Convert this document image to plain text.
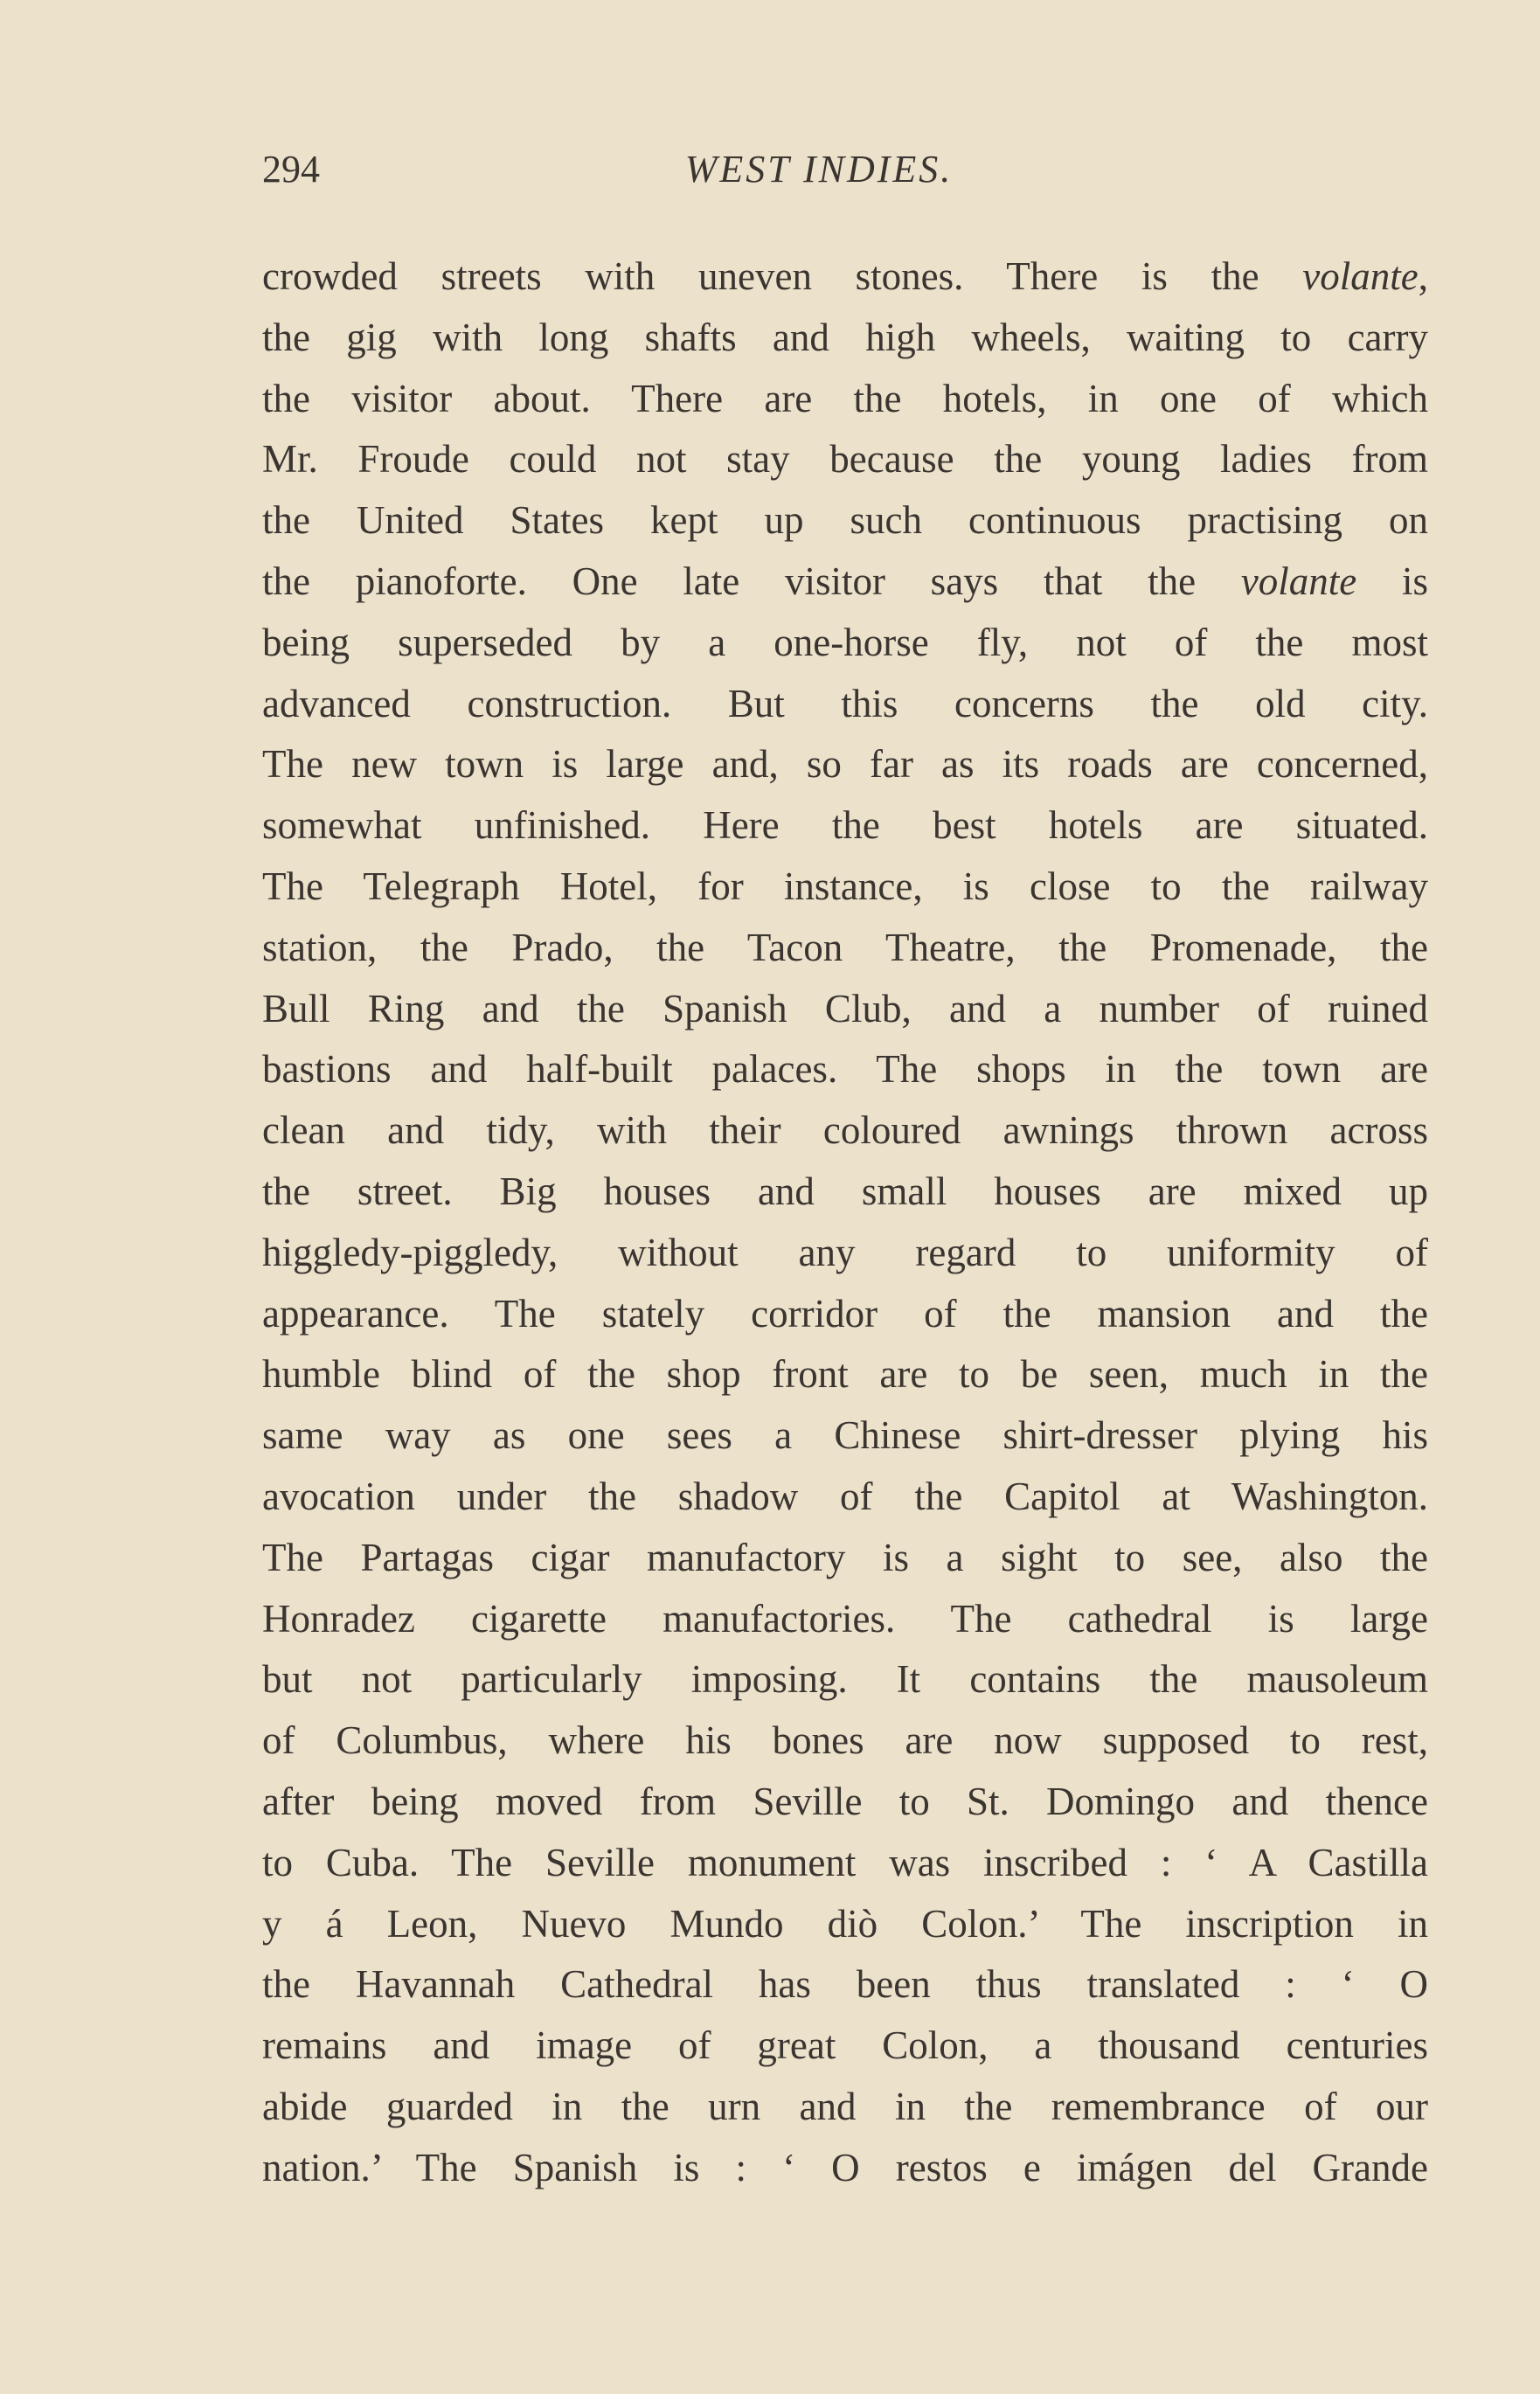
294	WEST INDIES.
crowded streets with uneven stones. There is the volante,
the gig with long shafts and high wheels, waiting to carry
the visitor about. There are the hotels, in one of which
Mr. Froude could not stay because the young ladies from
the United States kept up such continuous practising on
the pianoforte. One late visitor says that the volante is
being superseded by a one-horse fly, not of the most
advanced construction. But this concerns the old city.
The new town is large and, so far as its roads are concerned,
somewhat unfinished. Here the best hotels are situated.
The Telegraph Hotel, for instance, is close to the railway
station, the Prado, the Tacon Theatre, the Promenade, the
Bull Ring and the Spanish Club, and a number of ruined
bastions and half-built palaces. The shops in the town are
clean and tidy, with their coloured awnings thrown across
the street. Big houses and small houses are mixed up
higgledy-piggledy, without any regard to uniformity of
appearance. The stately corridor of the mansion and the
humble blind of the shop front are to be seen, much in the
same way as one sees a Chinese shirt-dresser plying his
avocation under the shadow of the Capitol at Washington.
The Partagas cigar manufactory is a sight to see, also the
Honradez cigarette manufactories. The cathedral is large
but not particularly imposing. It contains the mausoleum
of Columbus, where his bones are now supposed to rest,
after being moved from Seville to St. Domingo and thence
to Cuba. The Seville monument was inscribed : ‘ A Castilla
y á Leon, Nuevo Mundo diò Colon.’ The inscription in
the Havannah Cathedral has been thus translated : ‘ O
remains and image of great Colon, a thousand centuries
abide guarded in the urn and in the remembrance of our
nation.’ The Spanish is : ‘ O restos e imágen del Grande
